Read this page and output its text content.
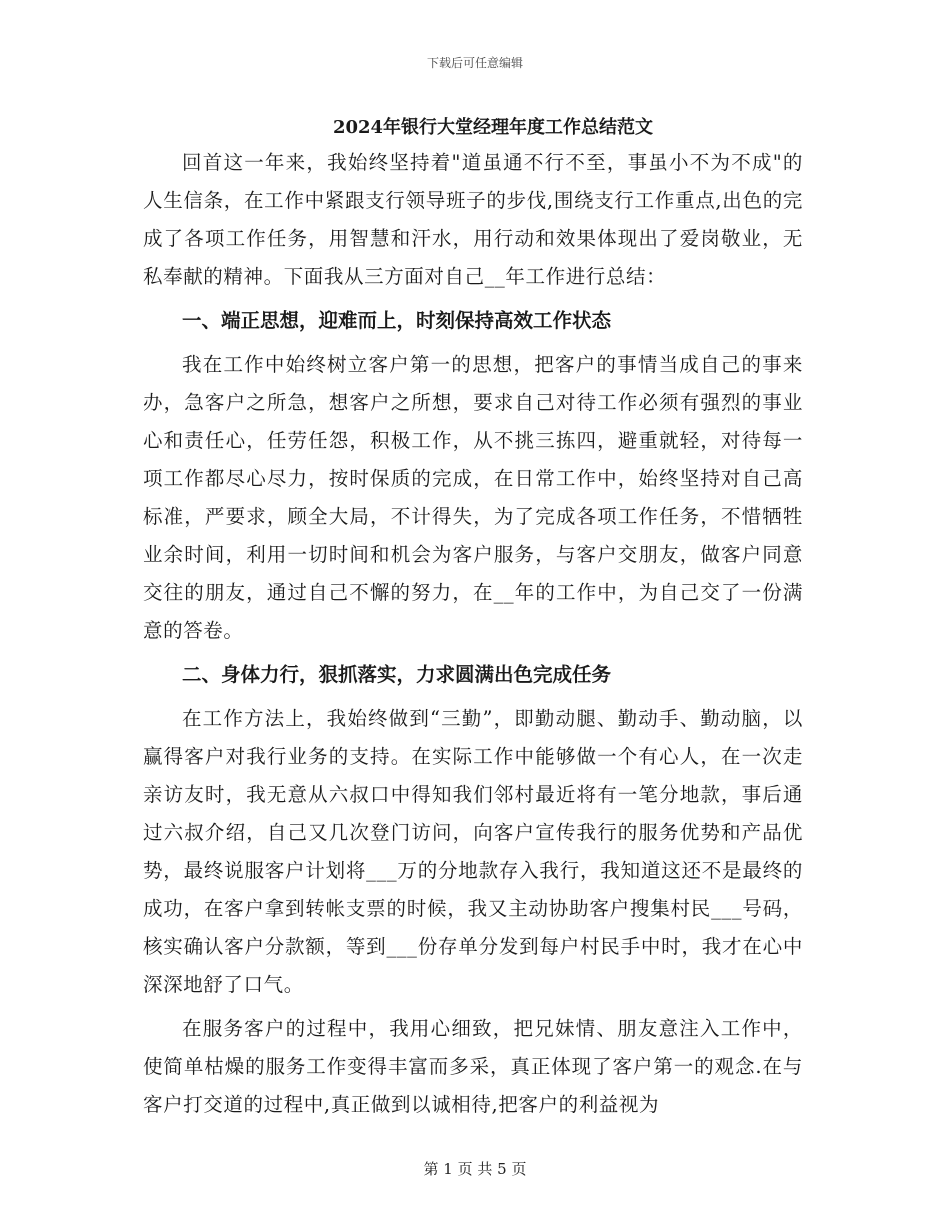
下载后可任意编辑
2024年银行大堂经理年度工作总结范文

回首这一年来，我始终坚持着"道虽通不行不至，事虽小不为不成"的人生信条，在工作中紧跟支行领导班子的步伐,围绕支行工作重点,出色的完成了各项工作任务，用智慧和汗水，用行动和效果体现出了爱岗敬业，无私奉献的精神。下面我从三方面对自己__年工作进行总结：

一、端正思想，迎难而上，时刻保持高效工作状态

我在工作中始终树立客户第一的思想，把客户的事情当成自己的事来办，急客户之所急，想客户之所想，要求自己对待工作必须有强烈的事业心和责任心，任劳任怨，积极工作，从不挑三拣四，避重就轻，对待每一项工作都尽心尽力，按时保质的完成，在日常工作中，始终坚持对自己高标准，严要求，顾全大局，不计得失，为了完成各项工作任务，不惜牺牲业余时间，利用一切时间和机会为客户服务，与客户交朋友，做客户同意交往的朋友，通过自己不懈的努力，在__年的工作中，为自己交了一份满意的答卷。

二、身体力行，狠抓落实，力求圆满出色完成任务

在工作方法上，我始终做到“三勤”，即勤动腿、勤动手、勤动脑，以赢得客户对我行业务的支持。在实际工作中能够做一个有心人，在一次走亲访友时，我无意从六叔口中得知我们邻村最近将有一笔分地款，事后通过六叔介绍，自己又几次登门访问，向客户宣传我行的服务优势和产品优势，最终说服客户计划将___万的分地款存入我行，我知道这还不是最终的成功，在客户拿到转帐支票的时候，我又主动协助客户搜集村民___号码，核实确认客户分款额，等到___份存单分发到每户村民手中时，我才在心中深深地舒了口气。

在服务客户的过程中，我用心细致，把兄妹情、朋友意注入工作中，使简单枯燥的服务工作变得丰富而多采，真正体现了客户第一的观念.在与客户打交道的过程中,真正做到以诚相待,把客户的利益视为

第 1 页 共 5 页
